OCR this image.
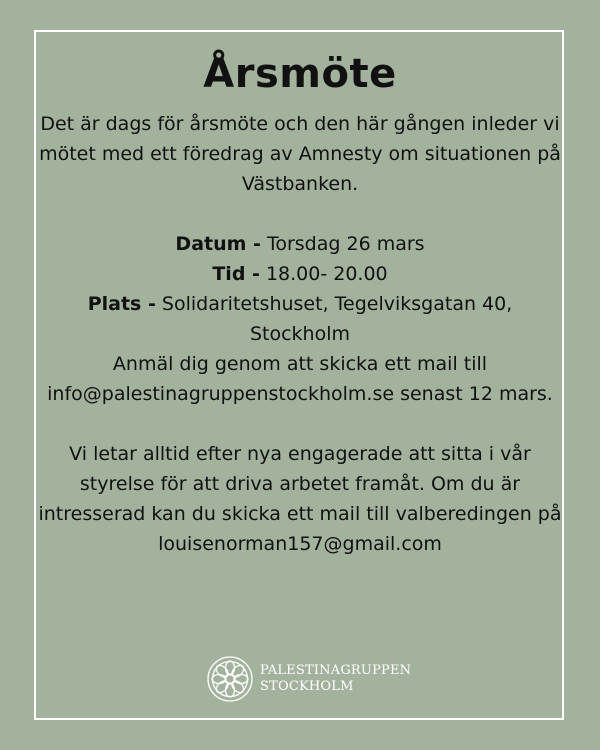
Årsmöte

Det är dags för årsmöte och den här gången inleder vi mötet med ett föredrag av Amnesty om situationen på Västbanken.

Datum - Torsdag 26 mars

Tid - 18.00- 20.00

Plats - Solidaritetshuset, Tegelviksgatan 40, Stockholm

Anmäl dig genom att skicka ett mail till info@palestinagruppenstockholm.se senast 12 mars.

Vi letar alltid efter nya engagerade att sitta i vår styrelse för att driva arbetet framåt. Om du är intresserad kan du skicka ett mail till valberedingen på louisenorman157@gmail.com

PALESTINAGRUPPEN
STOCKHOLM
